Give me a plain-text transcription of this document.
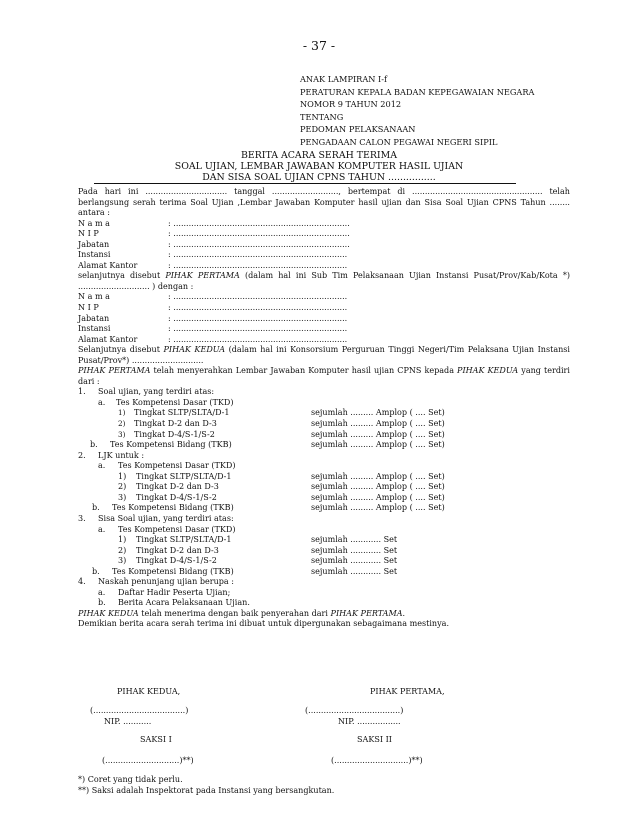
- 37 -
ANAK LAMPIRAN I-f
PERATURAN KEPALA BADAN KEPEGAWAIAN NEGARA
NOMOR 9 TAHUN 2012
TENTANG
PEDOMAN PELAKSANAAN
PENGADAAN CALON PEGAWAI NEGERI SIPIL
BERITA ACARA SERAH TERIMA
SOAL UJIAN, LEMBAR JAWABAN KOMPUTER HASIL UJIAN
DAN SISA SOAL UJIAN CPNS TAHUN ................
Pada hari ini ................................ tanggal .........................., bertempat di ................................................... telah
berlangsung serah terima Soal Ujian ,Lembar Jawaban Komputer hasil ujian dan Sisa Soal Ujian CPNS Tahun ........
antara :
N a m a	: .....................................................................
N I P	: .....................................................................
Jabatan	: .....................................................................
Instansi	: ....................................................................
Alamat Kantor	: ....................................................................
selanjutnya disebut PIHAK PERTAMA (dalam hal ini Sub Tim Pelaksanaan Ujian Instansi Pusat/Prov/Kab/Kota *)
............................ ) dengan :
N a m a	: ....................................................................
N I P	: ....................................................................
Jabatan	: ....................................................................
Instansi	: ....................................................................
Alamat Kantor	: ....................................................................
Selanjutnya disebut PIHAK KEDUA (dalam hal ini Konsorsium Perguruan Tinggi Negeri/Tim Pelaksana Ujian Instansi
Pusat/Prov*) ............................
PIHAK PERTAMA telah menyerahkan Lembar Jawaban Komputer hasil ujian CPNS kepada PIHAK KEDUA yang terdiri
dari :
1. Soal ujian, yang terdiri atas:
a. Tes Kompetensi Dasar (TKD)
1) Tingkat SLTP/SLTA/D-1	sejumlah ......... Amplop ( .... Set)
2) Tingkat D-2 dan D-3	sejumlah ......... Amplop ( .... Set)
3) Tingkat D-4/S-1/S-2	sejumlah ......... Amplop ( .... Set)
b. Tes Kompetensi Bidang (TKB)	sejumlah ......... Amplop ( .... Set)
2. LJK untuk :
a. Tes Kompetensi Dasar (TKD)
1) Tingkat SLTP/SLTA/D-1	sejumlah ......... Amplop ( .... Set)
2) Tingkat D-2 dan D-3	sejumlah ......... Amplop ( .... Set)
3) Tingkat D-4/S-1/S-2	sejumlah ......... Amplop ( .... Set)
b. Tes Kompetensi Bidang (TKB)	sejumlah ......... Amplop ( .... Set)
3. Sisa Soal ujian, yang terdiri atas:
a. Tes Kompetensi Dasar (TKD)
1) Tingkat SLTP/SLTA/D-1	sejumlah ............ Set
2) Tingkat D-2 dan D-3	sejumlah ............ Set
3) Tingkat D-4/S-1/S-2	sejumlah ............ Set
b. Tes Kompetensi Bidang (TKB)	sejumlah ............ Set
4. Naskah penunjang ujian berupa :
a. Daftar Hadir Peserta Ujian;
b. Berita Acara Pelaksanaan Ujian.
PIHAK KEDUA telah menerima dengan baik penyerahan dari PIHAK PERTAMA.
Demikian berita acara serah terima ini dibuat untuk dipergunakan sebagaimana mestinya.
PIHAK KEDUA,	PIHAK PERTAMA,
(....................................)	(....................................)
NIP. ...........	NIP. .................
SAKSI I	SAKSI II
(.............................)**)	(.............................)**)
*) Coret yang tidak perlu.
**) Saksi adalah Inspektorat pada Instansi yang bersangkutan.
